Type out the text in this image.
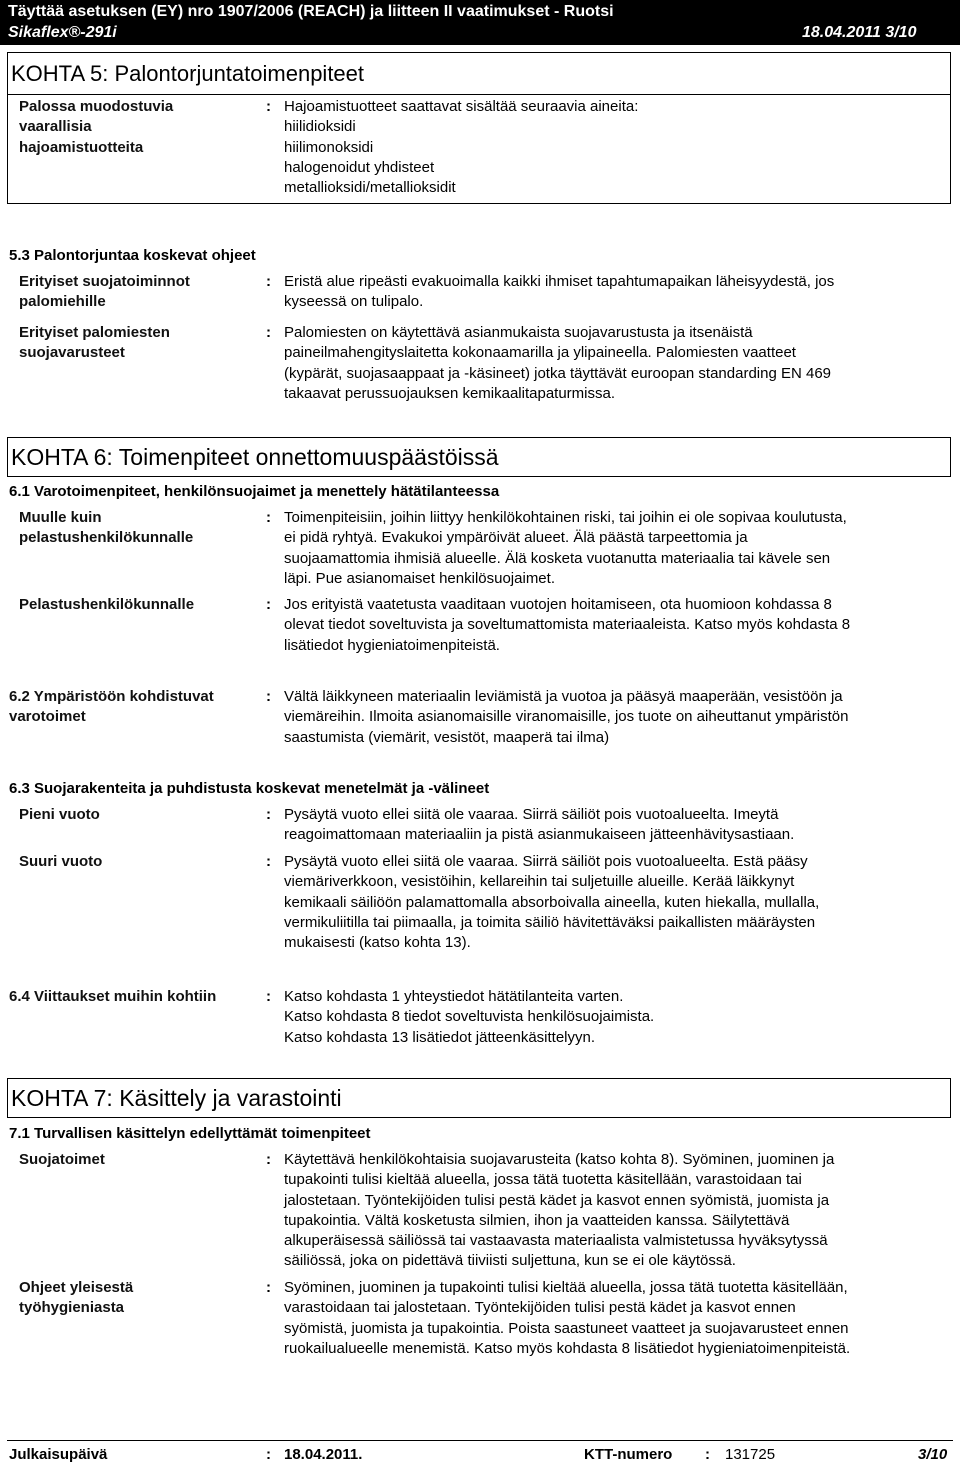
Täyttää asetuksen (EY) nro 1907/2006 (REACH) ja liitteen II vaatimukset - Ruotsi
Sikaflex®-291i	18.04.2011 3/10
KOHTA 5: Palontorjuntatoimenpiteet
Palossa muodostuvia
vaarallisia
hajoamistuotteita
: Hajoamistuotteet saattavat sisältää seuraavia aineita:
hiilidioksidi
hiilimonoksidi
halogenoidut yhdisteet
metallioksidi/metallioksidit
5.3 Palontorjuntaa koskevat ohjeet
Erityiset suojatoiminnot
palomiehille
: Eristä alue ripeästi evakuoimalla kaikki ihmiset tapahtumapaikan läheisyydestä, jos
kyseessä on tulipalo.
Erityiset palomiesten
suojavarusteet
: Palomiesten on käytettävä asianmukaista suojavarustusta ja itsenäistä
paineilmahengityslaitetta kokonaamarilla ja ylipaineella. Palomiesten vaatteet
(kypärät, suojasaappaat ja -käsineet) jotka täyttävät euroopan standarding EN 469
takaavat perussuojauksen kemikaalitapaturmissa.
KOHTA 6: Toimenpiteet onnettomuuspäästöissä
6.1 Varotoimenpiteet, henkilönsuojaimet ja menettely hätätilanteessa
Muulle kuin
pelastushenkilökunnalle
: Toimenpiteisiin, joihin liittyy henkilökohtainen riski, tai joihin ei ole sopivaa koulutusta,
ei pidä ryhtyä. Evakukoi ympäröivät alueet. Älä päästä tarpeettomia ja
suojaamattomia ihmisiä alueelle. Älä kosketa vuotanutta materiaalia tai kävele sen
läpi. Pue asianomaiset henkilösuojaimet.
Pelastushenkilökunnalle	: Jos erityistä vaatetusta vaaditaan vuotojen hoitamiseen, ota huomioon kohdassa 8
olevat tiedot soveltuvista ja soveltumattomista materiaaleista. Katso myös kohdasta 8
lisätiedot hygieniatoimenpiteistä.
6.2 Ympäristöön kohdistuvat
varotoimet
: Vältä läikkyneen materiaalin leviämistä ja vuotoa ja pääsyä maaperään, vesistöön ja
viemäreihin. Ilmoita asianomaisille viranomaisille, jos tuote on aiheuttanut ympäristön
saastumista (viemärit, vesistöt, maaperä tai ilma)
6.3 Suojarakenteita ja puhdistusta koskevat menetelmät ja -välineet
Pieni vuoto	: Pysäytä vuoto ellei siitä ole vaaraa. Siirrä säiliöt pois vuotoalueelta. Imeytä
reagoimattomaan materiaaliin ja pistä asianmukaiseen jätteenhävitysastiaan.
Suuri vuoto	: Pysäytä vuoto ellei siitä ole vaaraa. Siirrä säiliöt pois vuotoalueelta. Estä pääsy
viemäriverkkoon, vesistöihin, kellareihin tai suljetuille alueille. Kerää läikkynyt
kemikaali säiliöön palamattomalla absorboivalla aineella, kuten hiekalla, mullalla,
vermikuliitilla tai piimaalla, ja toimita säiliö hävitettäväksi paikallisten määräysten
mukaisesti (katso kohta 13).
6.4 Viittaukset muihin kohtiin	: Katso kohdasta 1 yhteystiedot hätätilanteita varten.
Katso kohdasta 8 tiedot soveltuvista henkilösuojaimista.
Katso kohdasta 13 lisätiedot jätteenkäsittelyyn.
KOHTA 7: Käsittely ja varastointi
7.1 Turvallisen käsittelyn edellyttämät toimenpiteet
Suojatoimet	: Käytettävä henkilökohtaisia suojavarusteita (katso kohta 8). Syöminen, juominen ja
tupakointi tulisi kieltää alueella, jossa tätä tuotetta käsitellään, varastoidaan tai
jalostetaan. Työntekijöiden tulisi pestä kädet ja kasvot ennen syömistä, juomista ja
tupakointia. Vältä kosketusta silmien, ihon ja vaatteiden kanssa. Säilytettävä
alkuperäisessä säiliössä tai vastaavasta materiaalista valmistetussa hyväksytyssä
säiliössä, joka on pidettävä tiiviisti suljettuna, kun se ei ole käytössä.
Ohjeet yleisestä
työhygieniasta
: Syöminen, juominen ja tupakointi tulisi kieltää alueella, jossa tätä tuotetta käsitellään,
varastoidaan tai jalostetaan. Työntekijöiden tulisi pestä kädet ja kasvot ennen
syömistä, juomista ja tupakointia. Poista saastuneet vaatteet ja suojavarusteet ennen
ruokailualueelle menemistä. Katso myös kohdasta 8 lisätiedot hygieniatoimenpiteistä.
Julkaisupäivä	: 18.04.2011.	KTT-numero : 131725	3/10
